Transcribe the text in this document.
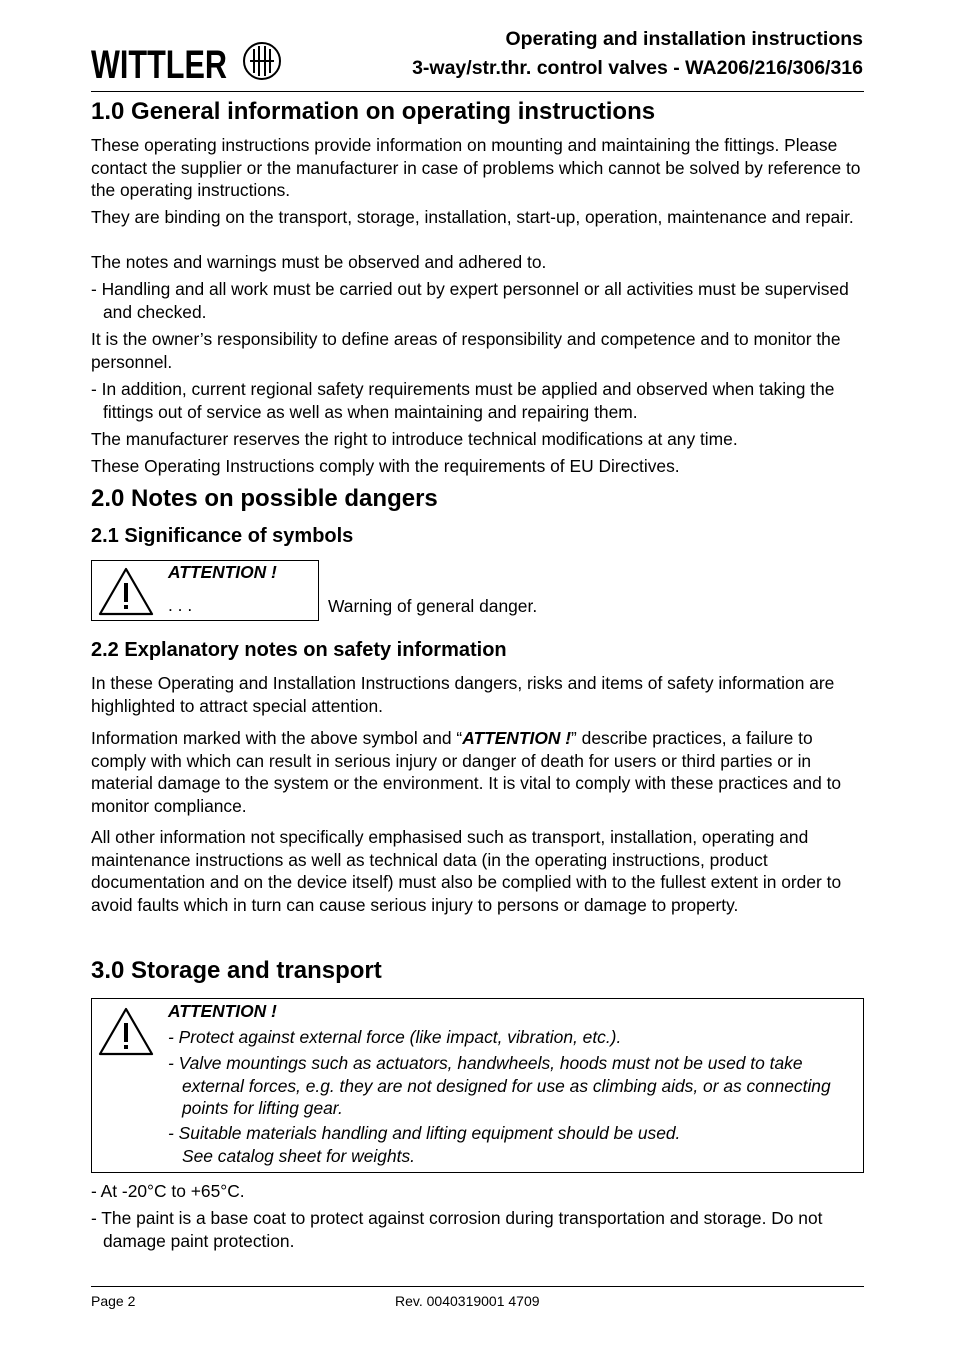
WITTLER
Operating and installation instructions
3-way/str.thr. control valves - WA206/216/306/316
1.0 General information on operating instructions

These operating instructions provide information on mounting and maintaining the fittings. Please contact the supplier or the manufacturer in case of problems which cannot be solved by reference to the operating instructions.

They are binding on the transport, storage, installation, start-up, operation, maintenance and repair.

The notes and warnings must be observed and adhered to.

- Handling and all work must be carried out by expert personnel or all activities must be supervised and checked.

It is the owner’s responsibility to define areas of responsibility and competence and to monitor the personnel.

- In addition, current regional safety requirements must be applied and observed when taking the fittings out of service as well as when maintaining and repairing them.

The manufacturer reserves the right to introduce technical modifications at any time.

These Operating Instructions comply with the requirements of EU Directives.

2.0 Notes on possible dangers
2.1 Significance of symbols
ATTENTION !
. . .	Warning of general danger.
2.2 Explanatory notes on safety information

In these Operating and Installation Instructions dangers, risks and items of safety information are highlighted to attract special attention.

Information marked with the above symbol and “ATTENTION !” describe practices, a failure to comply with which can result in serious injury or danger of death for users or third parties or in material damage to the system or the environment. It is vital to comply with these practices and to monitor compliance.

All other information not specifically emphasised such as transport, installation, operating and maintenance instructions as well as technical data (in the operating instructions, product documentation and on the device itself) must also be complied with to the fullest extent in order to avoid faults which in turn can cause serious injury to persons or damage to property.

3.0 Storage and transport
ATTENTION !
- Protect against external force (like impact, vibration, etc.).
- Valve mountings such as actuators, handwheels, hoods must not be used to take external forces, e.g. they are not designed for use as climbing aids, or as connecting points for lifting gear.
- Suitable materials handling and lifting equipment should be used.
See catalog sheet for weights.

- At -20°C to +65°C.

- The paint is a base coat to protect against corrosion during transportation and storage. Do not damage paint protection.

Page 2	Rev. 0040319001 4709
